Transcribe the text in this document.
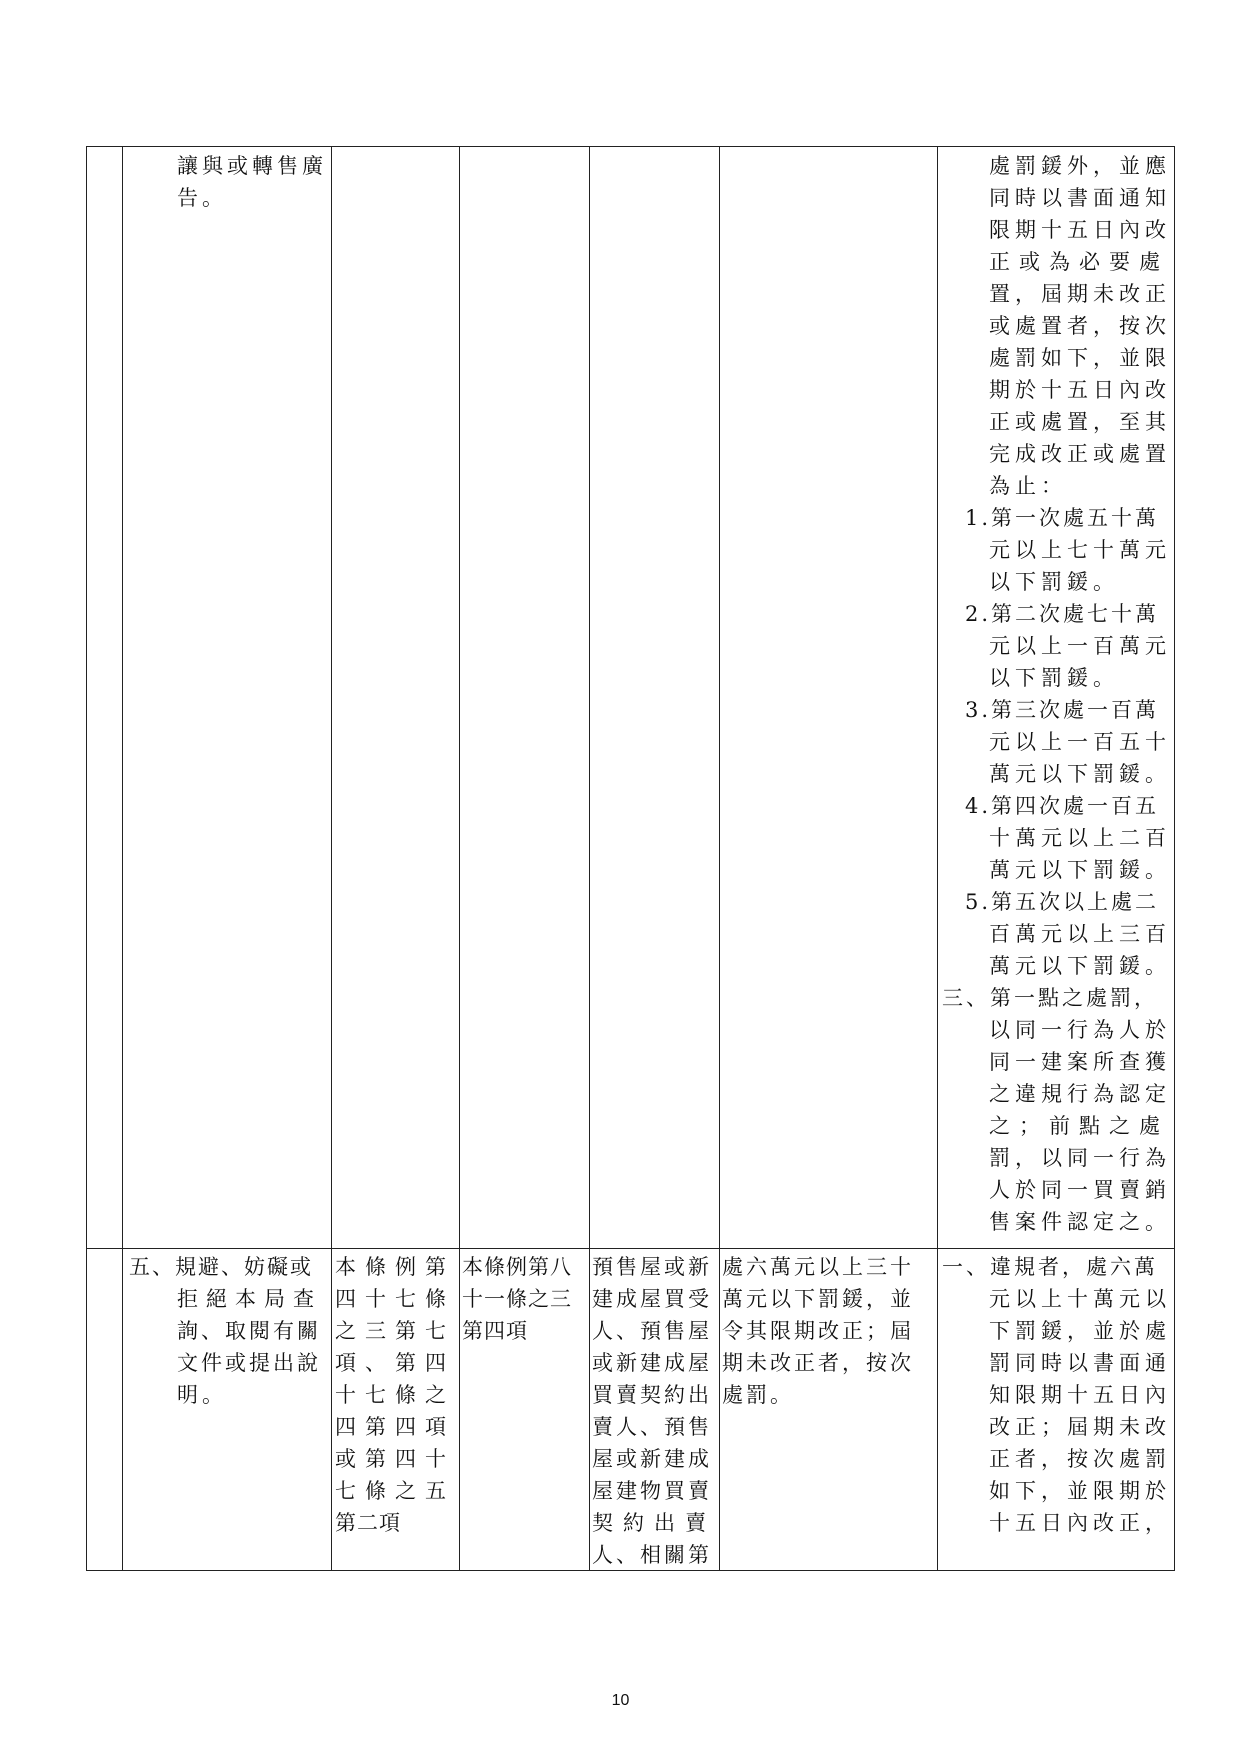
讓與或轉售廣
告。
處罰鍰外，並應
同時以書面通知
限期十五日內改
正或為必要處
置，屆期未改正
或處置者，按次
處罰如下，並限
期於十五日內改
正或處置，至其
完成改正或處置
為止：
1.第一次處五十萬
元以上七十萬元
以下罰鍰。
2.第二次處七十萬
元以上一百萬元
以下罰鍰。
3.第三次處一百萬
元以上一百五十
萬元以下罰鍰。
4.第四次處一百五
十萬元以上二百
萬元以下罰鍰。
5.第五次以上處二
百萬元以上三百
萬元以下罰鍰。
三、第一點之處罰，
以同一行為人於
同一建案所查獲
之違規行為認定
之；前點之處
罰，以同一行為
人於同一買賣銷
售案件認定之。
五、規避、妨礙或
拒絕本局查
詢、取閱有關
文件或提出說
明。
本條例第
四十七條
之三第七
項、第四
十七條之
四第四項
或第四十
七條之五
第二項
本條例第八
十一條之三
第四項
預售屋或新
建成屋買受
人、預售屋
或新建成屋
買賣契約出
賣人、預售
屋或新建成
屋建物買賣
契約出賣
人、相關第
處六萬元以上三十
萬元以下罰鍰，並
令其限期改正；屆
期未改正者，按次
處罰。
一、違規者，處六萬
元以上十萬元以
下罰鍰，並於處
罰同時以書面通
知限期十五日內
改正；屆期未改
正者，按次處罰
如下，並限期於
十五日內改正，
10
